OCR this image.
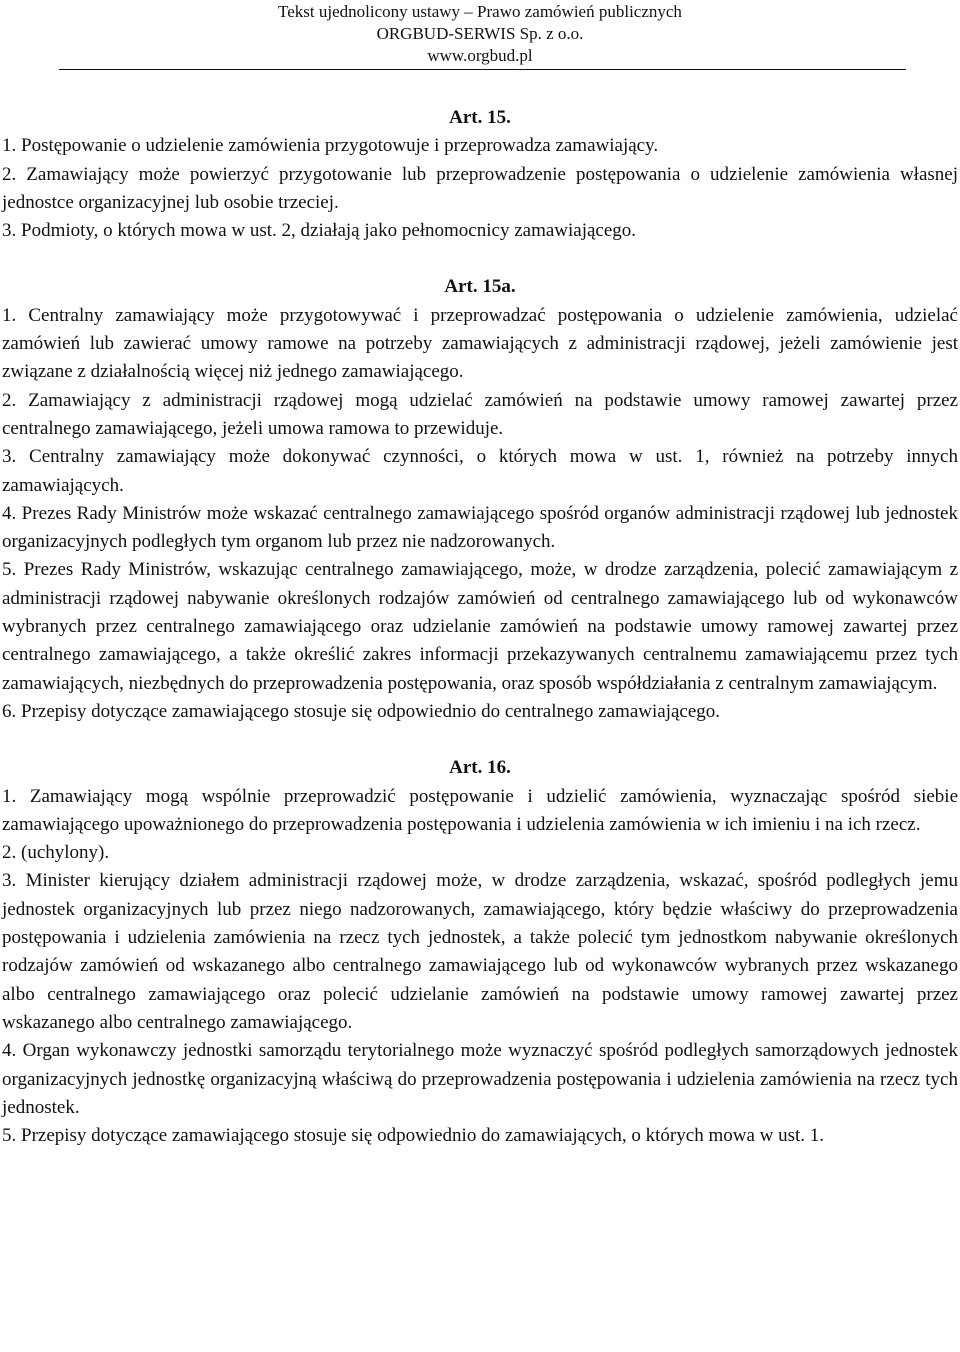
Tekst ujednolicony ustawy – Prawo zamówień publicznych
ORGBUD-SERWIS Sp. z o.o.
www.orgbud.pl
Art. 15.

1. Postępowanie o udzielenie zamówienia przygotowuje i przeprowadza zamawiający.

2. Zamawiający może powierzyć przygotowanie lub przeprowadzenie postępowania o udzielenie zamówienia własnej jednostce organizacyjnej lub osobie trzeciej.

3. Podmioty, o których mowa w ust. 2, działają jako pełnomocnicy zamawiającego.

Art. 15a.

1. Centralny zamawiający może przygotowywać i przeprowadzać postępowania o udzielenie zamówienia, udzielać zamówień lub zawierać umowy ramowe na potrzeby zamawiających z administracji rządowej, jeżeli zamówienie jest związane z działalnością więcej niż jednego zamawiającego.

2. Zamawiający z administracji rządowej mogą udzielać zamówień na podstawie umowy ramowej zawartej przez centralnego zamawiającego, jeżeli umowa ramowa to przewiduje.

3. Centralny zamawiający może dokonywać czynności, o których mowa w ust. 1, również na potrzeby innych zamawiających.

4. Prezes Rady Ministrów może wskazać centralnego zamawiającego spośród organów administracji rządowej lub jednostek organizacyjnych podległych tym organom lub przez nie nadzorowanych.

5. Prezes Rady Ministrów, wskazując centralnego zamawiającego, może, w drodze zarządzenia, polecić zamawiającym z administracji rządowej nabywanie określonych rodzajów zamówień od centralnego zamawiającego lub od wykonawców wybranych przez centralnego zamawiającego oraz udzielanie zamówień na podstawie umowy ramowej zawartej przez centralnego zamawiającego, a także określić zakres informacji przekazywanych centralnemu zamawiającemu przez tych zamawiających, niezbędnych do przeprowadzenia postępowania, oraz sposób współdziałania z centralnym zamawiającym.

6. Przepisy dotyczące zamawiającego stosuje się odpowiednio do centralnego zamawiającego.

Art. 16.

1. Zamawiający mogą wspólnie przeprowadzić postępowanie i udzielić zamówienia, wyznaczając spośród siebie zamawiającego upoważnionego do przeprowadzenia postępowania i udzielenia zamówienia w ich imieniu i na ich rzecz.

2. (uchylony).

3. Minister kierujący działem administracji rządowej może, w drodze zarządzenia, wskazać, spośród podległych jemu jednostek organizacyjnych lub przez niego nadzorowanych, zamawiającego, który będzie właściwy do przeprowadzenia postępowania i udzielenia zamówienia na rzecz tych jednostek, a także polecić tym jednostkom nabywanie określonych rodzajów zamówień od wskazanego albo centralnego zamawiającego lub od wykonawców wybranych przez wskazanego albo centralnego zamawiającego oraz polecić udzielanie zamówień na podstawie umowy ramowej zawartej przez wskazanego albo centralnego zamawiającego.

4. Organ wykonawczy jednostki samorządu terytorialnego może wyznaczyć spośród podległych samorządowych jednostek organizacyjnych jednostkę organizacyjną właściwą do przeprowadzenia postępowania i udzielenia zamówienia na rzecz tych jednostek.

5. Przepisy dotyczące zamawiającego stosuje się odpowiednio do zamawiających, o których mowa w ust. 1.
